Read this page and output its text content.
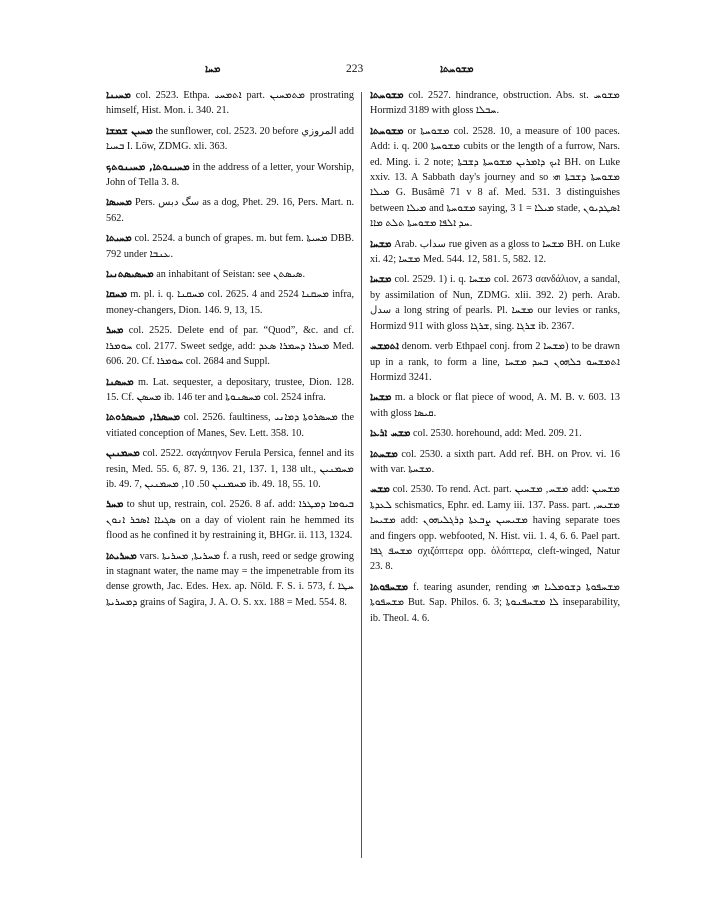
ܡܚܐ	223	ܡܫܘܚܬܐ

ܡܚܝܢܐ col. 2523. Ethpa. ܐܬܡܚܝ part. ܡܬܡܚܝܢ prostrating himself, Hist. Mon. i. 340. 21.

ܡܚܝܢ ܫܡܫܐ the sunflower, col. 2523. 20 before المروزي add ܒܚܝܐ I. Löw, ZDMG. xli. 363.

ܡܚܝܢܘܬܐ, ܡܚܝܢܘܬܟ in the address of a letter, your Worship, John of Tella 3. 8.

ܡܚܝܣܐ Pers. سگ دبس as a dog, Phet. 29. 16, Pers. Mart. n. 562.

ܡܚܝܬܐ col. 2524. a bunch of grapes. m. but fem. ܡܚܝܬܐ DBB. 792 under ܥܢܒܐ.

ܡܚܣܝܣܬܢܝܐ an inhabitant of Seistan: see ܣܝܣܬܢ.

ܡܚܩܐ m. pl. i. q. ܡܚܩܢܐ col. 2625. 4 and ܡܚܩܢܐ 2524 infra, money-changers, Dion. 146. 9, 13, 15.

ܡܚܪ col. 2525. Delete end of par. “Quod”, &c. and cf. ܚܘܡܪܐ col. 2177. Sweet sedge, add: ܡܚܪܐ ܕܚܡܪܐ ܣܥܕ Med. 606. 20. Cf. ܚܘܡܪܐ col. 2684 and Suppl.

ܡܚܣܢܐ m. Lat. sequester, a depositary, trustee, Dion. 128. 15. Cf. ܡܚܣܢ ib. 146 ter and ܡܚܣܢܘܬܐ col. 2524 infra.

ܡܚܣܪܐ, ܡܚܣܪܘܬܐ col. 2526. faultiness, ܡܚܣܪܘܬܐ ܕܡܐܢܝ the vitiated conception of Manes, Sev. Lett. 358. 10.

ܡܚܡܢܝܢ col. 2522. σαγάπηνον Ferula Persica, fennel and its resin, Med. 55. 6, 87. 9, 136. 21, 137. 1, 138 ult., ܡܚܡܢܝܢ ib. 49. 7, ܡܚܡܢܝܢ 50. 10, ܡܚܡܢܝܢ ib. 49. 18, 55. 10.

ܡܚܪ to shut up, restrain, col. 2526. 8 af. add: ܒܝܘܡܐ ܕܡܛܪܐ ܣܓܝܐܐ ܐܣܟܪ ܐܢܘܢ on a day of violent rain he hemmed its flood as he confined it by restraining it, BHGr. ii. 113, 1324.

ܡܚܪܝܬܐ vars. ܡܚܪܝܬܐ, ܡܚܪܝܬܐ f. a rush, reed or sedge growing in stagnant water, the name may = the impenetrable from its dense growth, Jac. Edes. Hex. ap. Nöld. F. S. i. 573, f. ܚܛܐ ܕܡܚܪܝܬܐ grains of Sagira, J. A. O. S. xx. 188 = Med. 554. 8.

ܡܫܘܚܬܐ col. 2527. hindrance, obstruction. Abs. st. ܡܫܘܚ Hormizd 3189 with gloss ܚܒܠܐ.

ܡܫܘܚܬܐ or ܡܫܘܚܬܐ col. 2528. 10, a measure of 100 paces. Add: i. q. ܡܫܘܚܬܐ 200 cubits or the length of a furrow, Nars. ed. Ming. i. 2 note; ܐܝܟ ܕܐܡܪܝܢ ܡܫܘܚܬܐ ܕܫܒܬܐ BH. on Luke xxiv. 13. A Sabbath day's journey and so ܡܫܘܚܬܐ ܕܫܒܬܐ ܗܝ ܡܝܠܐ G. Busâmê 71 v 8 af. Med. 531. 3 distinguishes between ܡܝܠܐ and ܡܫܘܚܬܐ saying, 3 ܡܝܠܐ = 1 stade, ܐܣܛܕܝܘܢ ܚܕ ܐܠܦܐ ܡܫܘܚܬܐ ܬܠܬ ܡܐܐ.

ܡܫܚܐ Arab. سداب rue given as a gloss to ܡܫܚܐ BH. on Luke xi. 42; ܡܫܚܐ Med. 544. 12, 581. 5, 582. 12.

ܡܫܚܐ col. 2529. 1) i. q. ܡܫܚܐ col. 2673 σανδάλιον, a sandal, by assimilation of Nun, ZDMG. xlii. 392. 2) perh. Arab. سدل a long string of pearls. Pl. ܡܫܚܐ our levies or ranks, Hormizd 911 with gloss ܫܪܓܐ, sing. ܫܪܓܐ ib. 2367.

ܐܬܡܫܚ denom. verb Ethpael conj. from ܡܫܚܐ 2) to be drawn up in a rank, to form a line, ܐܬܡܫܚܘ ܟܠܗܘܢ ܒܚܕ ܡܫܚܐ Hormizd 3241.

ܡܫܚܐ m. a block or flat piece of wood, A. M. B. v. 603. 13 with gloss ܩܝܣܐ.

ܡܫܚ ܐܪܥܐ col. 2530. horehound, add: Med. 209. 21.

ܡܫܚܬܐ col. 2530. a sixth part. Add ref. BH. on Prov. vi. 16 with var. ܡܫܚܬܐ.

ܡܫܚ col. 2530. To rend. Act. part. ܡܫܚ, ܡܫܚܝܢ add: ܡܫܚܝܢ ܠܥܕܬܐ schismatics, Ephr. ed. Lamy iii. 137. Pass. part. ܡܫܝܚ, ܡܫܝܚܐ add: ܡܫܝܚܝܢ ܨܒܥܬܐ ܕܪܓܠܝܗܘܢ having separate toes and fingers opp. webfooted, N. Hist. vii. 1. 4, 6. 6. Pael part. ܡܫܚܦ ܓܦܐ σχιζόπτερα opp. ὁλόπτερα, cleft-winged, Natur 23. 8.

ܡܫܚܦܘܬܐ f. tearing asunder, rending ܡܫܚܦܘܬܐ ܕܫܘܡܠܝܐ ܗܝ ܡܫܚܦܘܬܐ But. Sap. Philos. 6. 3; ܠܐ ܡܫܚܦܢܘܬܐ inseparability, ib. Theol. 4. 6.
